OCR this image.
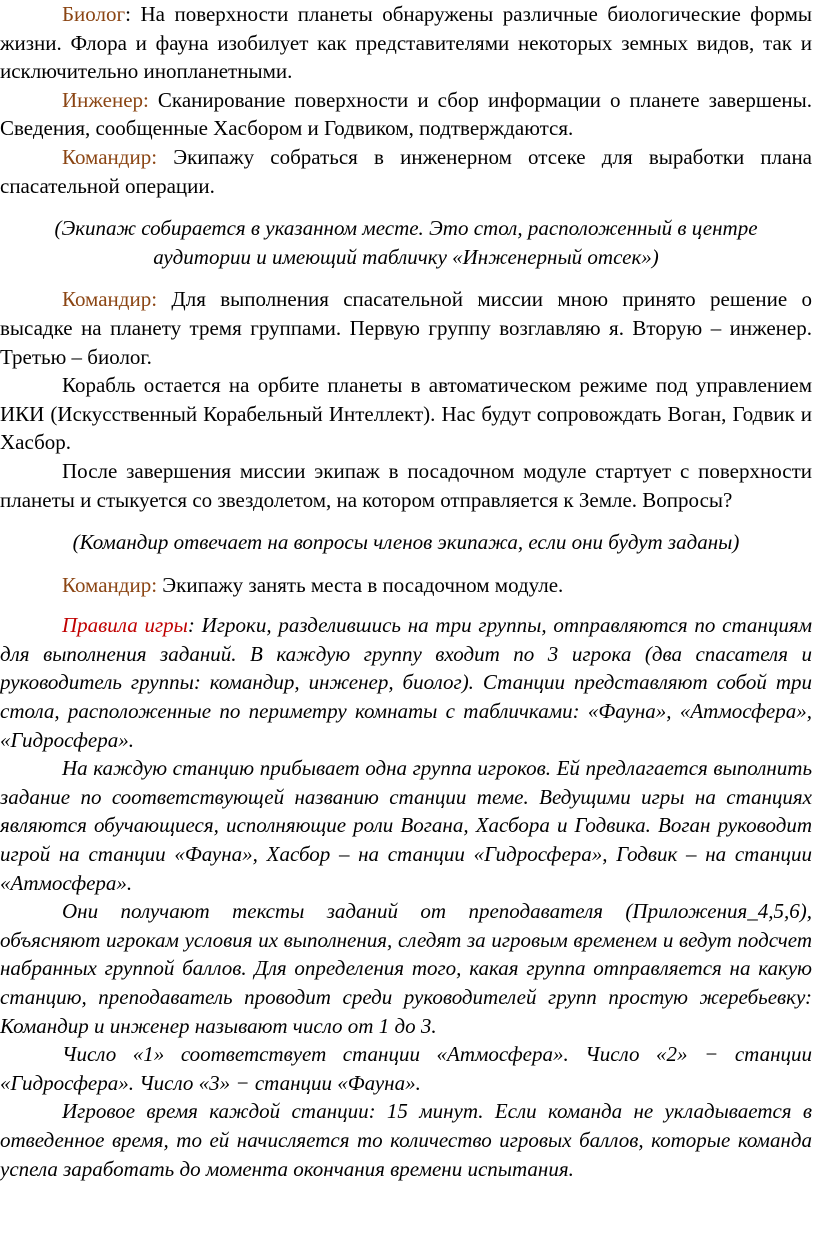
Биолог: На поверхности планеты обнаружены различные биологические формы жизни. Флора и фауна изобилует как представителями некоторых земных видов, так и исключительно инопланетными.

Инженер: Сканирование поверхности и сбор информации о планете завершены. Сведения, сообщенные Хасбором и Годвиком, подтверждаются.

Командир: Экипажу собраться в инженерном отсеке для выработки плана спасательной операции.

(Экипаж собирается в указанном месте. Это стол, расположенный в центре аудитории и имеющий табличку «Инженерный отсек»)

Командир: Для выполнения спасательной миссии мною принято решение о высадке на планету тремя группами. Первую группу возглавляю я. Вторую – инженер. Третью – биолог.

Корабль остается на орбите планеты в автоматическом режиме под управлением ИКИ (Искусственный Корабельный Интеллект). Нас будут сопровождать Воган, Годвик и Хасбор.

После завершения миссии экипаж в посадочном модуле стартует с поверхности планеты и стыкуется со звездолетом, на котором отправляется к Земле. Вопросы?

(Командир отвечает на вопросы членов экипажа, если они будут заданы)

Командир: Экипажу занять места в посадочном модуле.

Правила игры: Игроки, разделившись на три группы, отправляются по станциям для выполнения заданий. В каждую группу входит по 3 игрока (два спасателя и руководитель группы: командир, инженер, биолог). Станции представляют собой три стола, расположенные по периметру комнаты с табличками: «Фауна», «Атмосфера», «Гидросфера».

На каждую станцию прибывает одна группа игроков. Ей предлагается выполнить задание по соответствующей названию станции теме. Ведущими игры на станциях являются обучающиеся, исполняющие роли Вогана, Хасбора и Годвика. Воган руководит игрой на станции «Фауна», Хасбор – на станции «Гидросфера», Годвик – на станции «Атмосфера».

Они получают тексты заданий от преподавателя (Приложения_4,5,6), объясняют игрокам условия их выполнения, следят за игровым временем и ведут подсчет набранных группой баллов. Для определения того, какая группа отправляется на какую станцию, преподаватель проводит среди руководителей групп простую жеребьевку: Командир и инженер называют число от 1 до 3.

Число «1» соответствует станции «Атмосфера». Число «2» − станции «Гидросфера». Число «3» − станции «Фауна».

Игровое время каждой станции: 15 минут. Если команда не укладывается в отведенное время, то ей начисляется то количество игровых баллов, которые команда успела заработать до момента окончания времени испытания.
